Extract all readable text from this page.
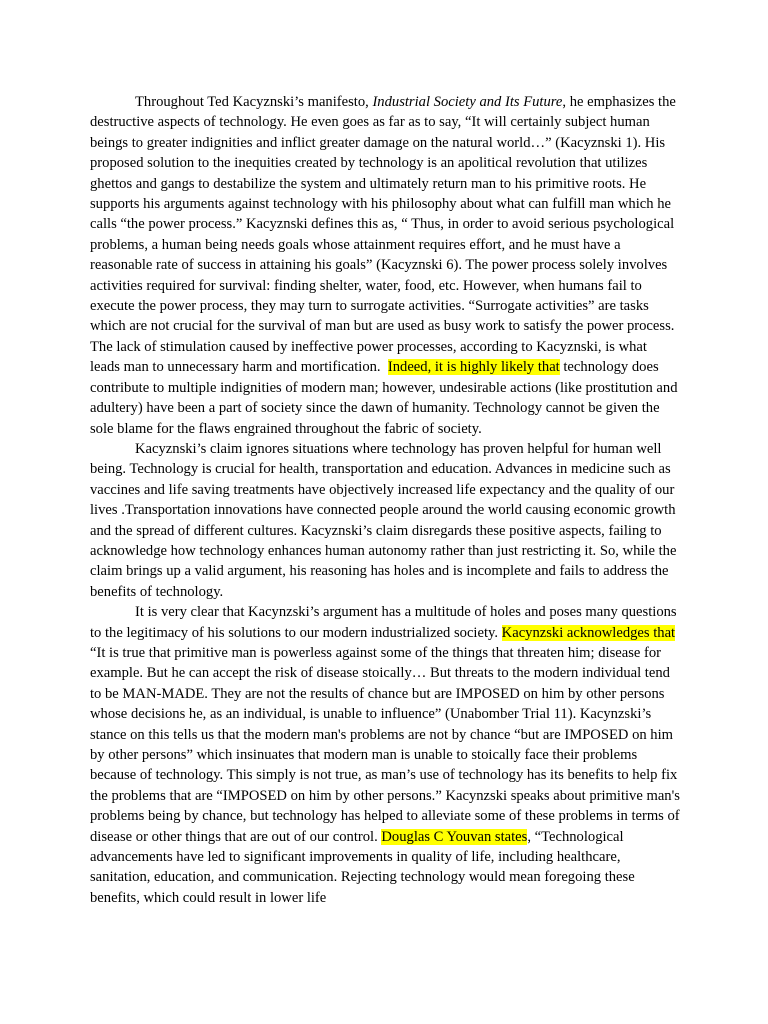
Throughout Ted Kacyznski’s manifesto, Industrial Society and Its Future, he emphasizes the destructive aspects of technology. He even goes as far as to say, “It will certainly subject human beings to greater indignities and inflict greater damage on the natural world…” (Kacyznski 1). His proposed solution to the inequities created by technology is an apolitical revolution that utilizes ghettos and gangs to destabilize the system and ultimately return man to his primitive roots. He supports his arguments against technology with his philosophy about what can fulfill man which he calls “the power process.” Kacyznski defines this as, “ Thus, in order to avoid serious psychological problems, a human being needs goals whose attainment requires effort, and he must have a reasonable rate of success in attaining his goals” (Kacyznski 6). The power process solely involves activities required for survival: finding shelter, water, food, etc. However, when humans fail to execute the power process, they may turn to surrogate activities. “Surrogate activities” are tasks which are not crucial for the survival of man but are used as busy work to satisfy the power process. The lack of stimulation caused by ineffective power processes, according to Kacyznski, is what leads man to unnecessary harm and mortification.  Indeed, it is highly likely that technology does contribute to multiple indignities of modern man; however, undesirable actions (like prostitution and adultery) have been a part of society since the dawn of humanity. Technology cannot be given the sole blame for the flaws engrained throughout the fabric of society.

Kacyznski’s claim ignores situations where technology has proven helpful for human well being. Technology is crucial for health, transportation and education. Advances in medicine such as vaccines and life saving treatments have objectively increased life expectancy and the quality of our lives .Transportation innovations have connected people around the world causing economic growth and the spread of different cultures. Kacyznski’s claim disregards these positive aspects, failing to acknowledge how technology enhances human autonomy rather than just restricting it. So, while the claim brings up a valid argument, his reasoning has holes and is incomplete and fails to address the benefits of technology.

It is very clear that Kacynzski’s argument has a multitude of holes and poses many questions to the legitimacy of his solutions to our modern industrialized society. Kacynzski acknowledges that “It is true that primitive man is powerless against some of the things that threaten him; disease for example. But he can accept the risk of disease stoically… But threats to the modern individual tend to be MAN-MADE. They are not the results of chance but are IMPOSED on him by other persons whose decisions he, as an individual, is unable to influence” (Unabomber Trial 11). Kacynzski’s stance on this tells us that the modern man's problems are not by chance “but are IMPOSED on him by other persons” which insinuates that modern man is unable to stoically face their problems because of technology. This simply is not true, as man’s use of technology has its benefits to help fix the problems that are “IMPOSED on him by other persons.” Kacynzski speaks about primitive man's problems being by chance, but technology has helped to alleviate some of these problems in terms of disease or other things that are out of our control. Douglas C Youvan states, “Technological advancements have led to significant improvements in quality of life, including healthcare, sanitation, education, and communication. Rejecting technology would mean foregoing these benefits, which could result in lower life
